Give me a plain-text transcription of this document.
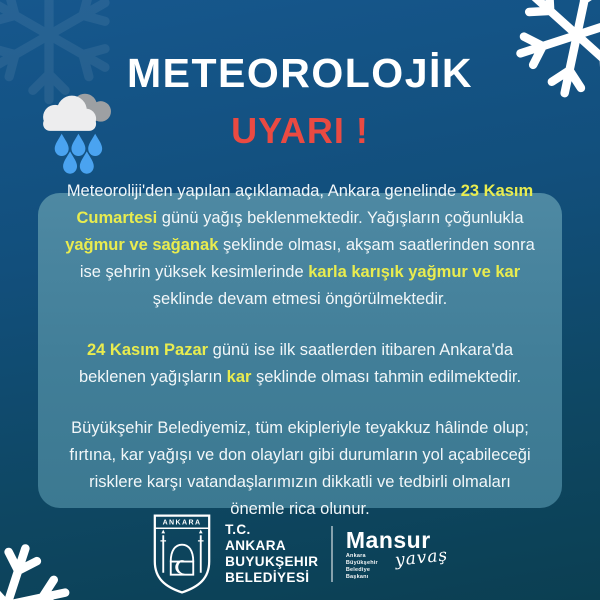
METEOROLOJİK
UYARI !

Meteoroliji'den yapılan açıklamada, Ankara genelinde 23 Kasım Cumartesi günü yağış beklenmektedir. Yağışların çoğunlukla yağmur ve sağanak şeklinde olması, akşam saatlerinden sonra ise şehrin yüksek kesimlerinde karla karışık yağmur ve kar şeklinde devam etmesi öngörülmektedir.

24 Kasım Pazar günü ise ilk saatlerden itibaren Ankara'da beklenen yağışların kar şeklinde olması tahmin edilmektedir.

Büyükşehir Belediyemiz, tüm ekipleriyle teyakkuz hâlinde olup; fırtına, kar yağışı ve don olayları gibi durumların yol açabileceği risklere karşı vatandaşlarımızın dikkatli ve tedbirli olmaları önemle rica olunur.

ANKARA T.C.
ANKARA
BUYUKŞEHIR
BELEDİYESİ
Mansur
Ankara Büyükşehir
Belediye Başkanı
yavaş
